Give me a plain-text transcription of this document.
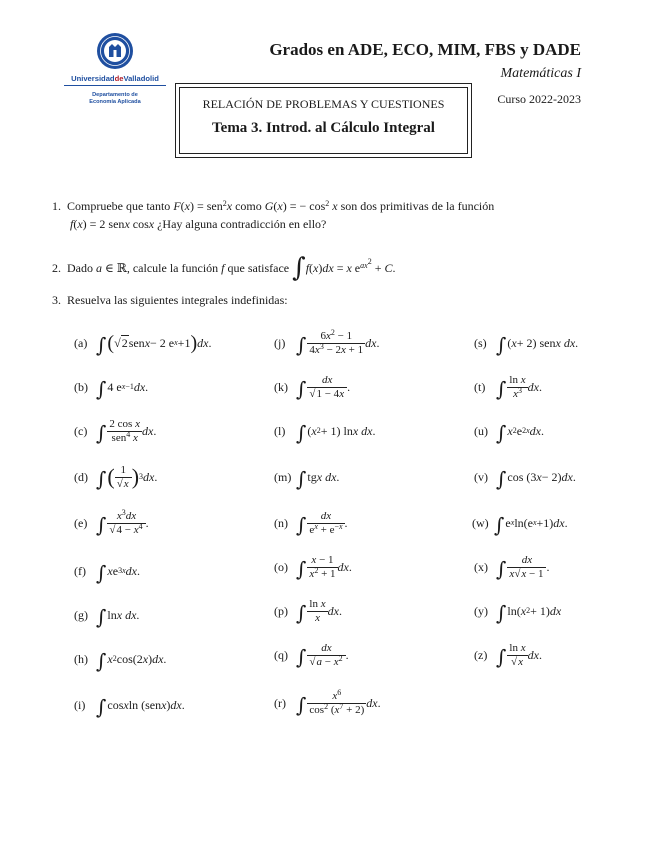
UniversidaddeValladolid
Departamento de
Economía Aplicada
Grados en ADE, ECO, MIM, FBS y DADE
Matemáticas I
Curso 2022-2023
RELACIÓN DE PROBLEMAS Y CUESTIONES
Tema 3. Introd. al Cálculo Integral
1. Compruebe que tanto F(x) = sen$^2$x como G(x) = − $\cos^2 x$ son dos primitivas de la función
f(x) = 2 senx cosx ¿Hay alguna contradicción en ello?
2. Dado a ∈ ℝ, calcule la función f que satisface ∫f(x)dx = x $e^{ax^2} + C$.
3. Resuelva las siguientes integrales indefinidas:
(a) ∫ ( √ 2 sen x − 2 e x +1 ) dx .
(b) ∫ 4 e x−1 dx .
(c) ∫ $\frac{\text{2 cos x}}{sen^4 x}$ dx .
(d) ∫ ( $\frac{1}{√x}$ ) 3 dx .
(e) ∫ $\frac{x^3dx}{√4 - x^4}$ .
(f) ∫ x e 3x dx .
(g) ∫ ln x dx .
(h) ∫ x 2 cos(2 x ) dx .
(i) ∫ cos x ln (sen x ) dx .
(j) ∫ $\frac{6x^2 - 1}{4x^3 - 2x + 1}$ dx .
(k) ∫ $\frac{dx}{√1 - 4x}$ .
(l) ∫ ( x 2 + 1) ln x dx .
(m) ∫ tg x dx .
(n) ∫ $\frac{dx}{e^x + e^{-x}}$ .
(o) ∫ $\frac{x - 1}{x^2 + 1}$ dx .
(p) ∫ $\frac{\text{ln x}}{x}$ dx .
(q) ∫ $\frac{dx}{√a - x^2}$ .
(r) ∫ $\frac{x^6}{\cos^2 (x^7 + 2)}$ dx .
(s) ∫ ( x + 2) sen x dx .
(t) ∫ $\frac{\text{ln x}}{x^3}$ dx .
(u) ∫ x 2 e 2x dx .
(v) ∫ cos (3 x − 2) dx .
(w) ∫ e x ln(e x +1) dx .
(x) ∫ $\frac{dx}{x√x - 1}$ .
(y) ∫ ln( x 2 + 1) dx
(z) ∫ $\frac{\text{ln x}}{√x}$ dx .
